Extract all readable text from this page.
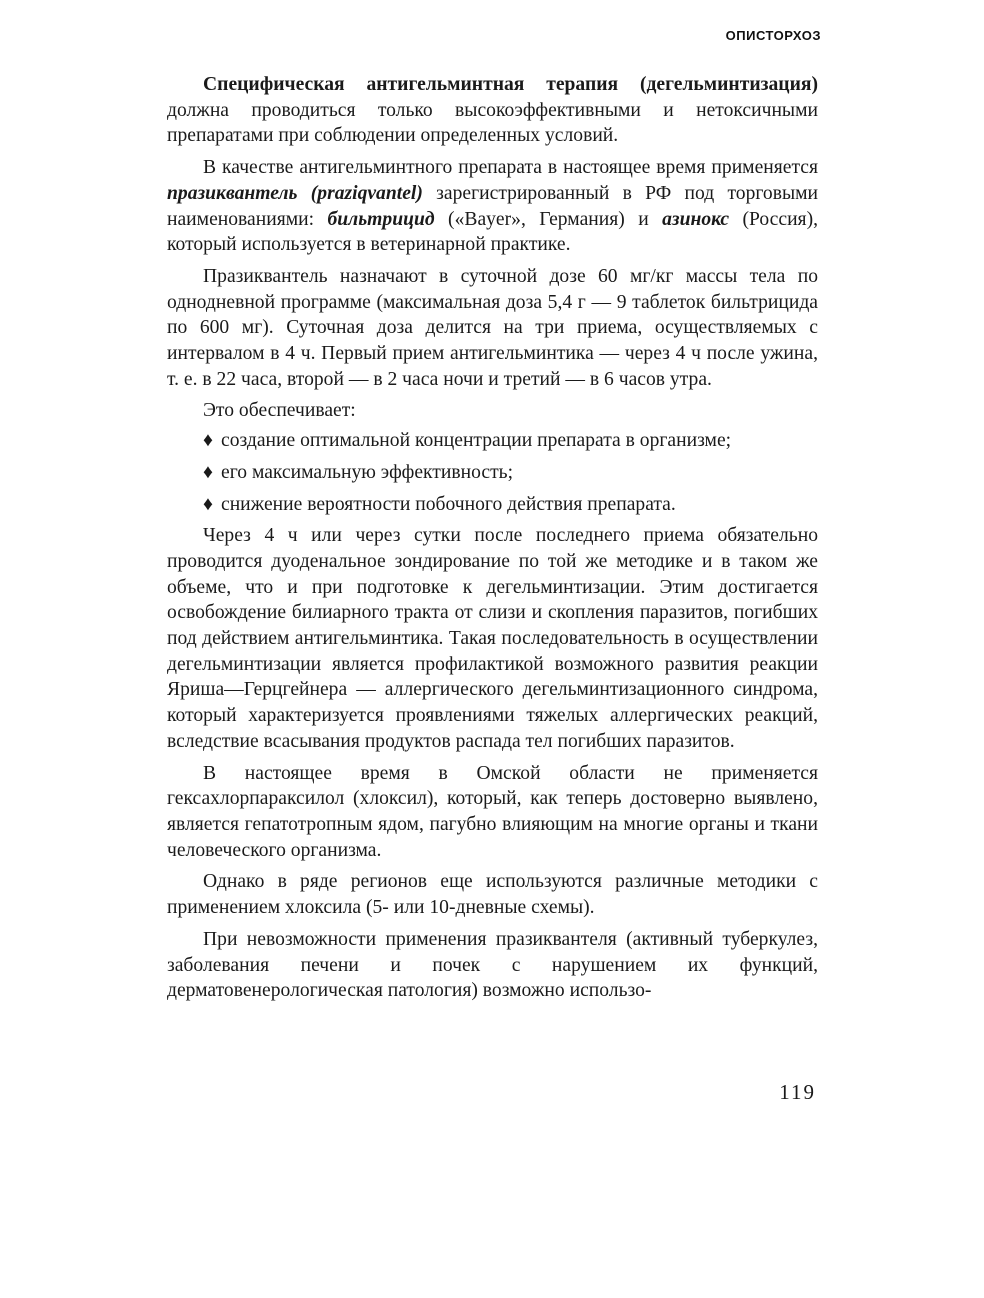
ОПИСТОРХОЗ

Специфическая антигельминтная терапия (дегельминтизация) должна проводиться только высокоэффективными и нетоксичными препаратами при соблюдении определенных условий.

В качестве антигельминтного препарата в настоящее время применяется празиквантель (praziqvantel) зарегистрированный в РФ под торговыми наименованиями: бильтрицид («Bayer», Германия) и азинокс (Россия), который используется в ветеринарной практике.

Празиквантель назначают в суточной дозе 60 мг/кг массы тела по однодневной программе (максимальная доза 5,4 г — 9 таблеток бильтрицида по 600 мг). Суточная доза делится на три приема, осуществляемых с интервалом в 4 ч. Первый прием антигельминтика — через 4 ч после ужина, т. е. в 22 часа, второй — в 2 часа ночи и третий — в 6 часов утра.

Это обеспечивает:

♦ создание оптимальной концентрации препарата в организме;
♦ его максимальную эффективность;
♦ снижение вероятности побочного действия препарата.

Через 4 ч или через сутки после последнего приема обязательно проводится дуоденальное зондирование по той же методике и в таком же объеме, что и при подготовке к дегельминтизации. Этим достигается освобождение билиарного тракта от слизи и скопления паразитов, погибших под действием антигельминтика. Такая последовательность в осуществлении дегельминтизации является профилактикой возможного развития реакции Яриша—Герцгейнера — аллергического дегельминтизационного синдрома, который характеризуется проявлениями тяжелых аллергических реакций, вследствие всасывания продуктов распада тел погибших паразитов.

В настоящее время в Омской области не применяется гексахлорпараксилол (хлоксил), который, как теперь достоверно выявлено, является гепатотропным ядом, пагубно влияющим на многие органы и ткани человеческого организма.

Однако в ряде регионов еще используются различные методики с применением хлоксила (5- или 10-дневные схемы).

При невозможности применения празиквантеля (активный туберкулез, заболевания печени и почек с нарушением их функций, дерматовенерологическая патология) возможно использо-

119
